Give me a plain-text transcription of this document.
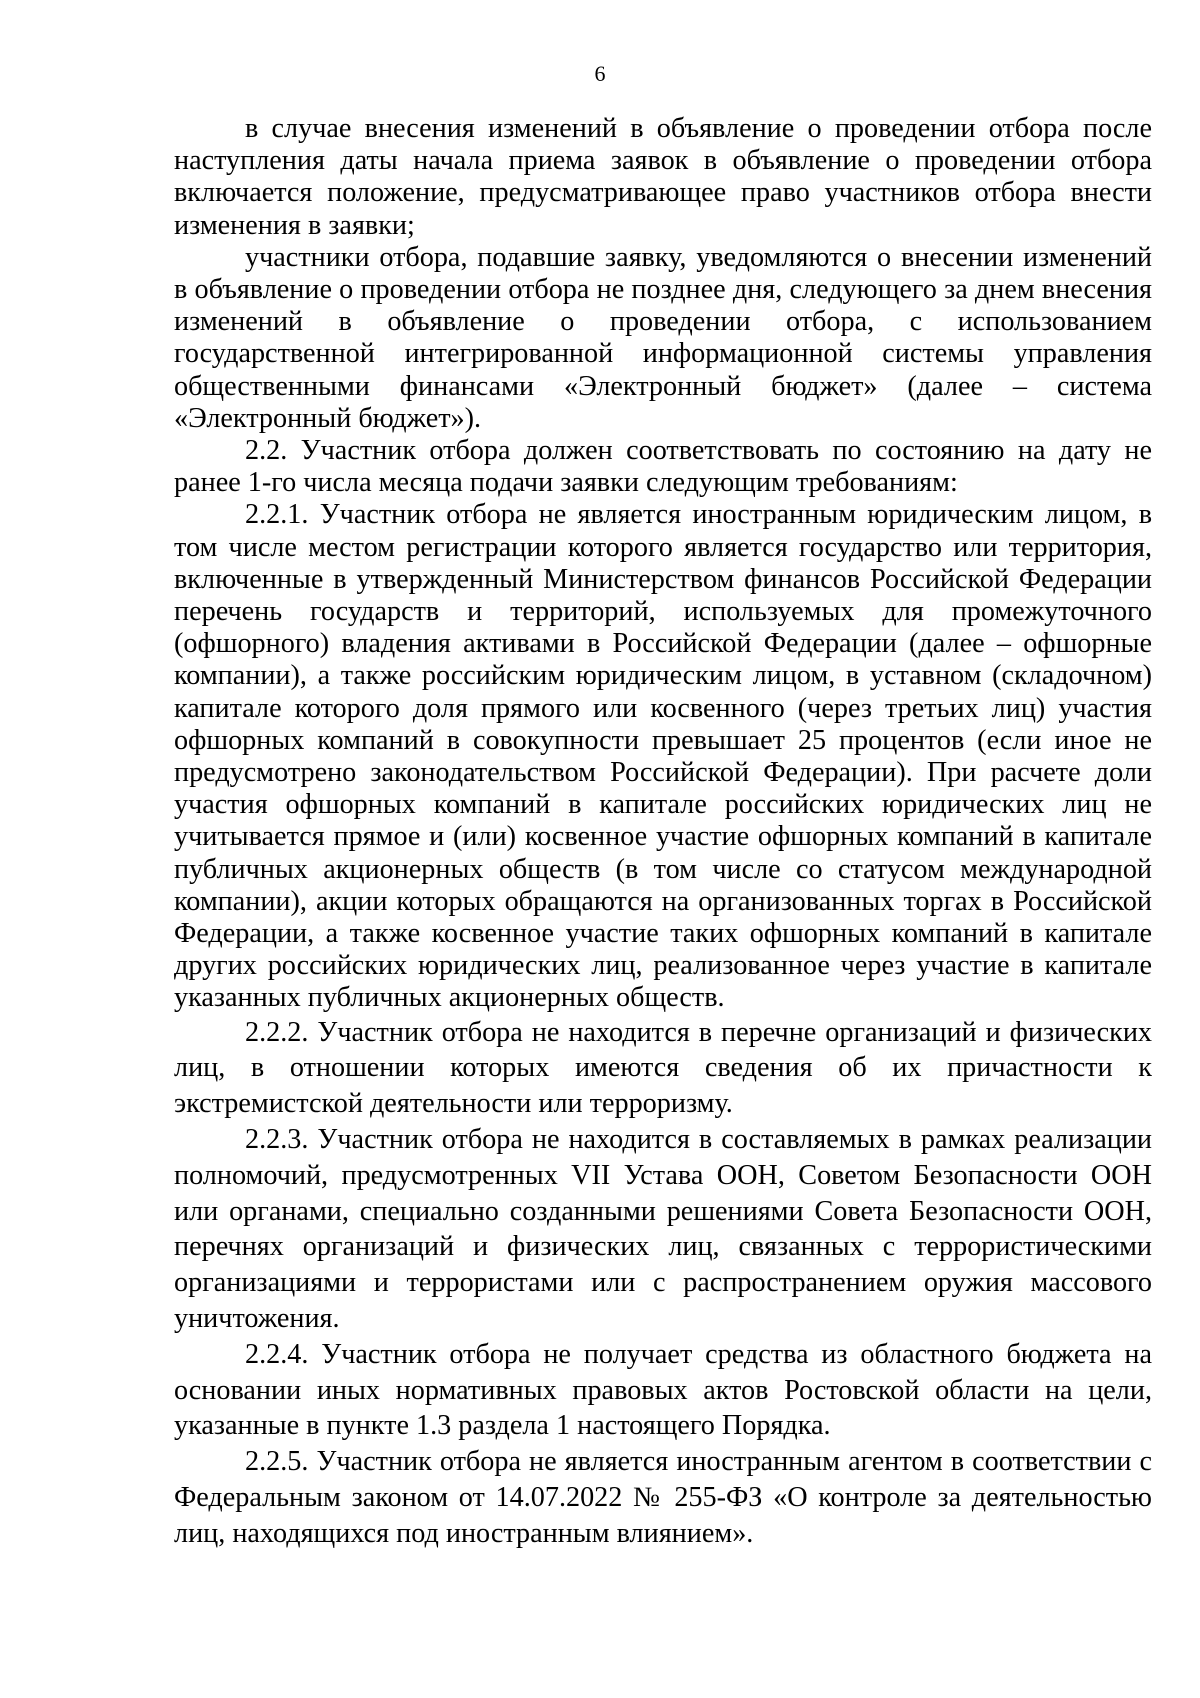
6

в случае внесения изменений в объявление о проведении отбора после наступления даты начала приема заявок в объявление о проведении отбора включается положение, предусматривающее право участников отбора внести изменения в заявки;

участники отбора, подавшие заявку, уведомляются о внесении изменений в объявление о проведении отбора не позднее дня, следующего за днем внесения изменений в объявление о проведении отбора, с использованием государственной интегрированной информационной системы управления общественными финансами «Электронный бюджет» (далее – система «Электронный бюджет»).

2.2. Участник отбора должен соответствовать по состоянию на дату не ранее 1-го числа месяца подачи заявки следующим требованиям:

2.2.1. Участник отбора не является иностранным юридическим лицом, в том числе местом регистрации которого является государство или территория, включенные в утвержденный Министерством финансов Российской Федерации перечень государств и территорий, используемых для промежуточного (офшорного) владения активами в Российской Федерации (далее – офшорные компании), а также российским юридическим лицом, в уставном (складочном) капитале которого доля прямого или косвенного (через третьих лиц) участия офшорных компаний в совокупности превышает 25 процентов (если иное не предусмотрено законодательством Российской Федерации). При расчете доли участия офшорных компаний в капитале российских юридических лиц не учитывается прямое и (или) косвенное участие офшорных компаний в капитале публичных акционерных обществ (в том числе со статусом международной компании), акции которых обращаются на организованных торгах в Российской Федерации, а также косвенное участие таких офшорных компаний в капитале других российских юридических лиц, реализованное через участие в капитале указанных публичных акционерных обществ.

2.2.2. Участник отбора не находится в перечне организаций и физических лиц, в отношении которых имеются сведения об их причастности к экстремистской деятельности или терроризму.

2.2.3. Участник отбора не находится в составляемых в рамках реализации полномочий, предусмотренных VII Устава ООН, Советом Безопасности ООН или органами, специально созданными решениями Совета Безопасности ООН, перечнях организаций и физических лиц, связанных с террористическими организациями и террористами или с распространением оружия массового уничтожения.

2.2.4. Участник отбора не получает средства из областного бюджета на основании иных нормативных правовых актов Ростовской области на цели, указанные в пункте 1.3 раздела 1 настоящего Порядка.

2.2.5. Участник отбора не является иностранным агентом в соответствии с Федеральным законом от 14.07.2022 № 255-ФЗ «О контроле за деятельностью лиц, находящихся под иностранным влиянием».
